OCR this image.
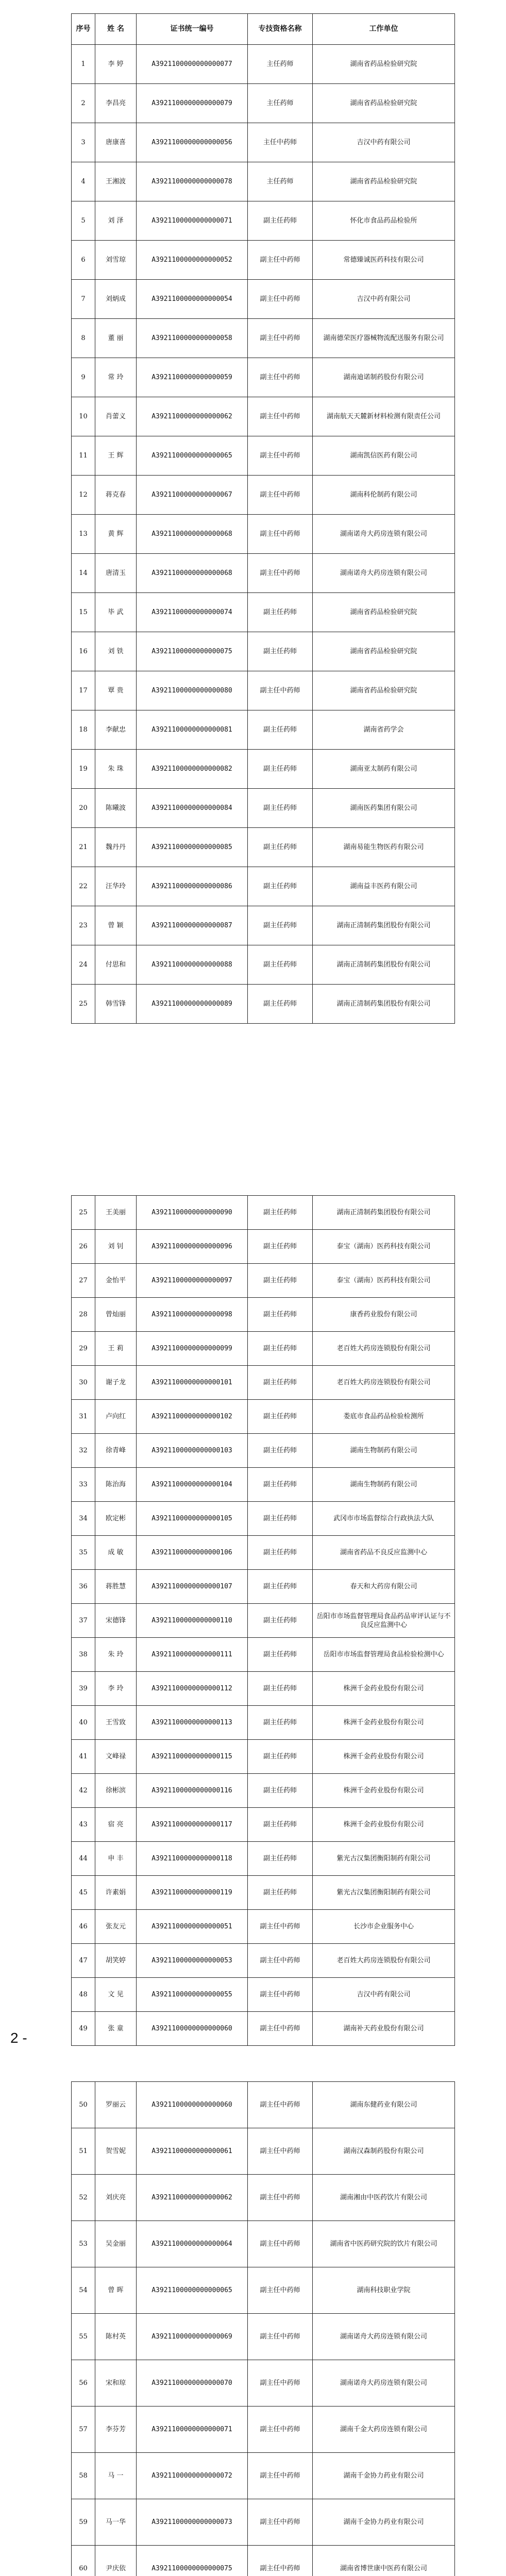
序号	姓 名	证书统一编号	专技资格名称	工作单位
1	李 婷	A3921100000000000077	主任药师	湖南省药品检验研究院
2	李昌亮	A3921100000000000079	主任药师	湖南省药品检验研究院
3	唐康喜	A3921100000000000056	主任中药师	吉汉中药有限公司
4	王湘波	A3921100000000000078	主任药师	湖南省药品检验研究院
5	刘 泽	A3921100000000000071	副主任药师	怀化市食品药品检验所
6	刘雪琼	A3921100000000000052	副主任中药师	常德臻诚医药科技有限公司
7	刘炳成	A3921100000000000054	副主任中药师	吉汉中药有限公司
8	董 丽	A3921100000000000058	副主任中药师	湖南德荣医疗器械物流配送服务有限公司
9	常 玲	A3921100000000000059	副主任中药师	湖南迪诺制药股份有限公司
10	肖蕾义	A3921100000000000062	副主任中药师	湖南航天天麓新材料检测有限责任公司
11	王 辉	A3921100000000000065	副主任中药师	湖南凯信医药有限公司
12	蒋克春	A3921100000000000067	副主任中药师	湖南科伦制药有限公司
13	黄 辉	A3921100000000000068	副主任中药师	湖南诺舟大药房连锁有限公司
14	唐清玉	A3921100000000000068	副主任中药师	湖南诺舟大药房连锁有限公司
15	毕 武	A3921100000000000074	副主任药师	湖南省药品检验研究院
16	刘 铁	A3921100000000000075	副主任药师	湖南省药品检验研究院
17	覃 贵	A3921100000000000080	副主任中药师	湖南省药品检验研究院
18	李献忠	A3921100000000000081	副主任药师	湖南省药学会
19	朱 珠	A3921100000000000082	副主任药师	湖南亚太制药有限公司
20	陈曦波	A3921100000000000084	副主任药师	湖南医药集团有限公司
21	魏丹丹	A3921100000000000085	副主任药师	湖南易能生物医药有限公司
22	汪华玲	A3921100000000000086	副主任药师	湖南益丰医药有限公司
23	曾 颖	A3921100000000000087	副主任药师	湖南正清制药集团股份有限公司
24	付思和	A3921100000000000088	副主任药师	湖南正清制药集团股份有限公司
25	韩雪锋	A3921100000000000089	副主任药师	湖南正清制药集团股份有限公司
25	王美丽	A3921100000000000090	副主任药师	湖南正清制药集团股份有限公司
26	刘 钊	A3921100000000000096	副主任药师	泰宝（湖南）医药科技有限公司
27	金怡平	A3921100000000000097	副主任药师	泰宝（湖南）医药科技有限公司
28	曾灿丽	A3921100000000000098	副主任药师	康香药业股份有限公司
29	王 莉	A3921100000000000099	副主任药师	老百姓大药房连锁股份有限公司
30	谢子龙	A3921100000000000101	副主任药师	老百姓大药房连锁股份有限公司
31	卢向红	A3921100000000000102	副主任药师	娄底市食品药品检验检测所
32	徐青峰	A3921100000000000103	副主任药师	湖南生物制药有限公司
33	陈治海	A3921100000000000104	副主任药师	湖南生物制药有限公司
34	欧定彬	A3921100000000000105	副主任药师	武冈市市场监督综合行政执法大队
35	成 敏	A3921100000000000106	副主任药师	湖南省药品不良反应监测中心
36	蒋胜慧	A3921100000000000107	副主任药师	春天和大药房有限公司
37	宋德锋	A3921100000000000110	副主任药师	岳阳市市场监督管理局食品药品审评认证与不良反应监测中心
38	朱 玲	A3921100000000000111	副主任药师	岳阳市市场监督管理局食品检验检测中心
39	李 玲	A3921100000000000112	副主任药师	株洲千金药业股份有限公司
40	王雪致	A3921100000000000113	副主任药师	株洲千金药业股份有限公司
41	文峰禄	A3921100000000000115	副主任药师	株洲千金药业股份有限公司
42	徐彬滨	A3921100000000000116	副主任药师	株洲千金药业股份有限公司
43	宿 亮	A3921100000000000117	副主任药师	株洲千金药业股份有限公司
44	申 丰	A3921100000000000118	副主任药师	紫光古汉集团衡阳制药有限公司
45	许素娟	A3921100000000000119	副主任药师	紫光古汉集团衡阳制药有限公司
46	张友元	A3921100000000000051	副主任中药师	长沙市企业服务中心
47	胡笑婷	A3921100000000000053	副主任中药师	老百姓大药房连锁股份有限公司
48	文 见	A3921100000000000055	副主任中药师	吉汉中药有限公司
49	张 童	A3921100000000000060	副主任中药师	湖南补天药业股份有限公司
2 -
50	罗丽云	A3921100000000000060	副主任中药师	湖南东健药业有限公司
51	贺雪妮	A3921100000000000061	副主任中药师	湖南汉森制药股份有限公司
52	刘庆亮	A3921100000000000062	副主任中药师	湖南湘由中医药饮片有限公司
53	吴金丽	A3921100000000000064	副主任中药师	湖南省中医药研究院的饮片有限公司
54	曾 晖	A3921100000000000065	副主任中药师	湖南科技职业学院
55	陈村英	A3921100000000000069	副主任中药师	湖南诺舟大药房连锁有限公司
56	宋和琼	A3921100000000000070	副主任中药师	湖南诺舟大药房连锁有限公司
57	李芬芳	A3921100000000000071	副主任中药师	湖南千金大药房连锁有限公司
58	马 一	A3921100000000000072	副主任中药师	湖南千金协力药业有限公司
59	马一华	A3921100000000000073	副主任中药师	湖南千金协力药业有限公司
60	尹庆依	A3921100000000000075	副主任中药师	湖南省博世康中医药有限公司
